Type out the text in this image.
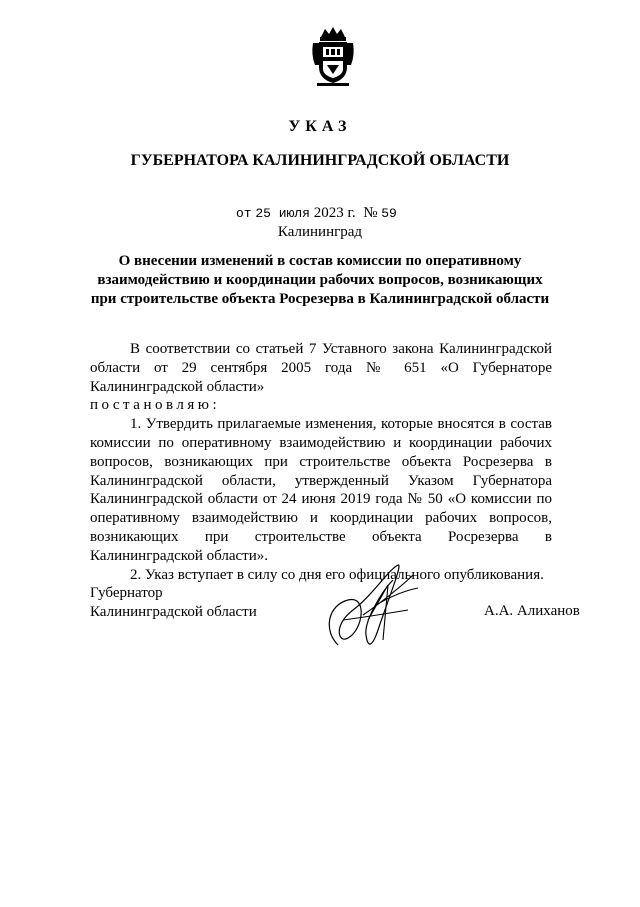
УКАЗ
ГУБЕРНАТОРА КАЛИНИНГРАДСКОЙ ОБЛАСТИ
от 25 июля 2023 г. № 59
Калининград
О внесении изменений в состав комиссии по оперативному взаимодействию и координации рабочих вопросов, возникающих при строительстве объекта Росрезерва в Калининградской области

В соответствии со статьей 7 Уставного закона Калининградской области от 29 сентября 2005 года № 651 «О Губернаторе Калининградской области»

постановляю:

1. Утвердить прилагаемые изменения, которые вносятся в состав комиссии по оперативному взаимодействию и координации рабочих вопросов, возникающих при строительстве объекта Росрезерва в Калининградской области, утвержденный Указом Губернатора Калининградской области от 24 июня 2019 года № 50 «О комиссии по оперативному взаимодействию и координации рабочих вопросов, возникающих при строительстве объекта Росрезерва в Калининградской области».

2. Указ вступает в силу со дня его официального опубликования.

Губернатор
Калининградской области	А.А. Алиханов
